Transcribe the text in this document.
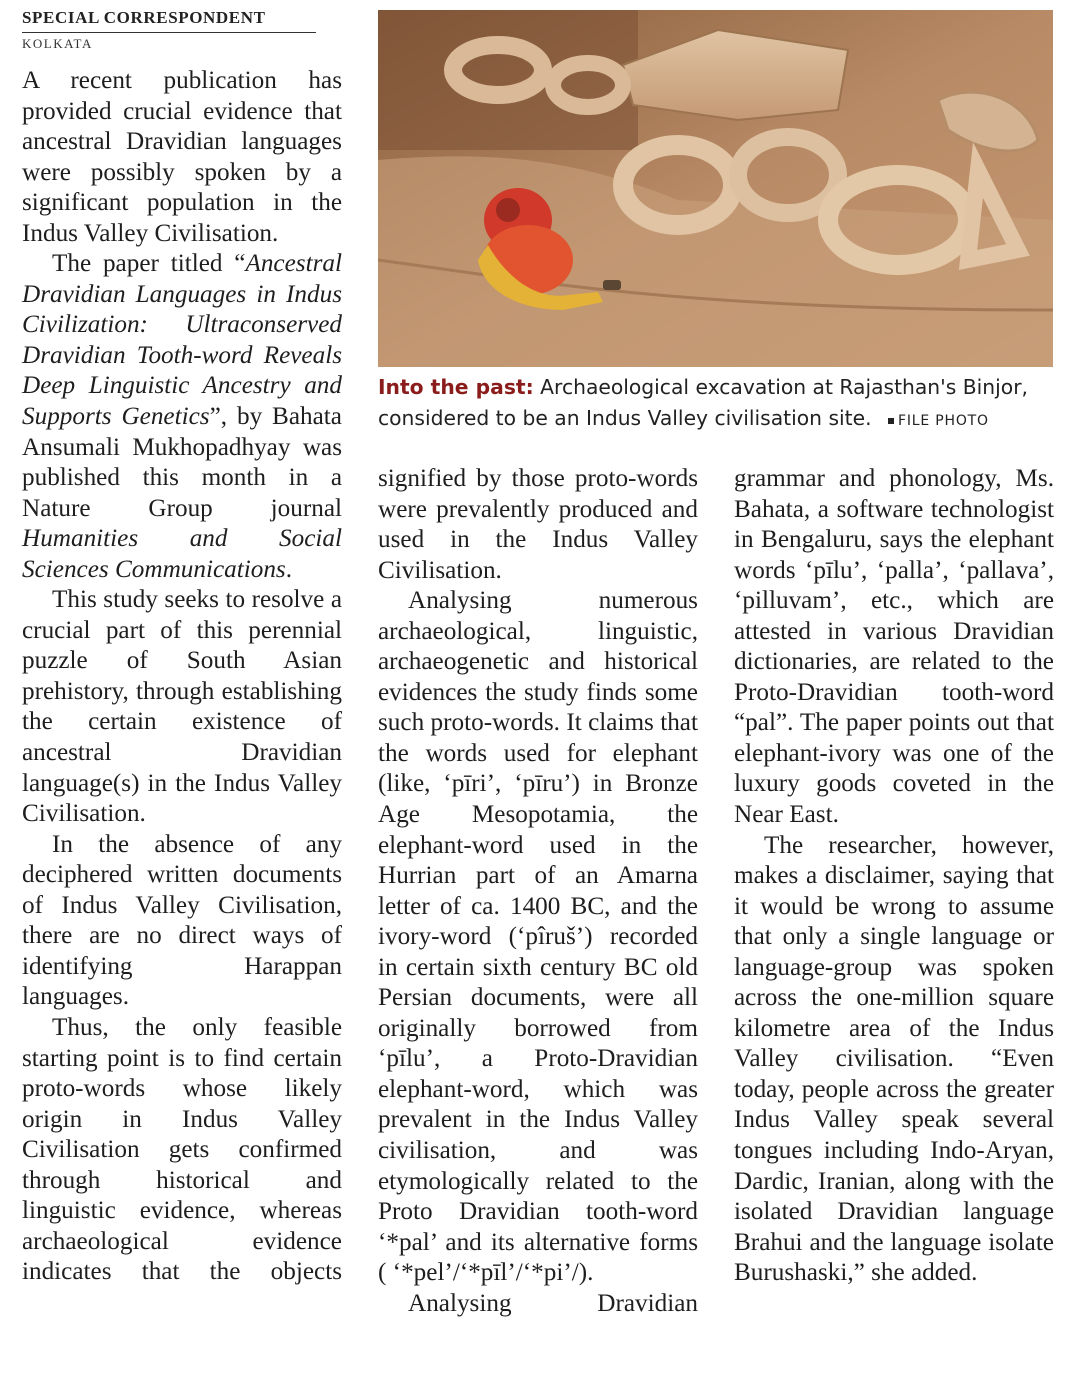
SPECIAL CORRESPONDENT
KOLKATA
Into the past: Archaeological excavation at Rajasthan's Binjor,
considered to be an Indus Valley civilisation site. FILE PHOTO

A recent publication has provided crucial evidence that ancestral Dravidian languages were possibly spoken by a significant population in the Indus Valley Civilisation.

The paper titled “Ancestral Dravidian Languages in Indus Civilization: Ultraconserved Dravidian Tooth-word Reveals Deep Linguistic Ancestry and Supports Genetics”, by Bahata Ansumali Mukhopadhyay was published this month in a Nature Group journal Humanities and Social Sciences Communications.

This study seeks to resolve a crucial part of this perennial puzzle of South Asian prehistory, through establishing the certain existence of ancestral Dravidian language(s) in the Indus Valley Civilisation.

In the absence of any deciphered written documents of Indus Valley Civilisation, there are no direct ways of identifying Harappan languages.

Thus, the only feasible starting point is to find certain proto-words whose likely origin in Indus Valley Civilisation gets confirmed through historical and linguistic evidence, whereas archaeological evidence indicates that the objects

signified by those proto-words were prevalently produced and used in the Indus Valley Civilisation.

Analysing numerous archaeological, linguistic, archaeogenetic and historical evidences the study finds some such proto-words. It claims that the words used for elephant (like, ‘pīri’, ‘pīru’) in Bronze Age Mesopotamia, the elephant-word used in the Hurrian part of an Amarna letter of ca. 1400 BC, and the ivory-word (‘pîruš’) recorded in certain sixth century BC old Persian documents, were all originally borrowed from ‘pīlu’, a Proto-Dravidian elephant-word, which was prevalent in the Indus Valley civilisation, and was etymologically related to the Proto Dravidian tooth-word ‘*pal’ and its alternative forms ( ‘*pel’/‘*pīl’/‘*pi’/).

Analysing Dravidian

grammar and phonology, Ms. Bahata, a software technologist in Bengaluru, says the elephant words ‘pīlu’, ‘palla’, ‘pallava’, ‘pilluvam’, etc., which are attested in various Dravidian dictionaries, are related to the Proto-Dravidian tooth-word “pal”. The paper points out that elephant-ivory was one of the luxury goods coveted in the Near East.

The researcher, however, makes a disclaimer, saying that it would be wrong to assume that only a single language or language-group was spoken across the one-million square kilometre area of the Indus Valley civilisation. “Even today, people across the greater Indus Valley speak several tongues including Indo-Aryan, Dardic, Iranian, along with the isolated Dravidian language Brahui and the language isolate Burushaski,” she added.
